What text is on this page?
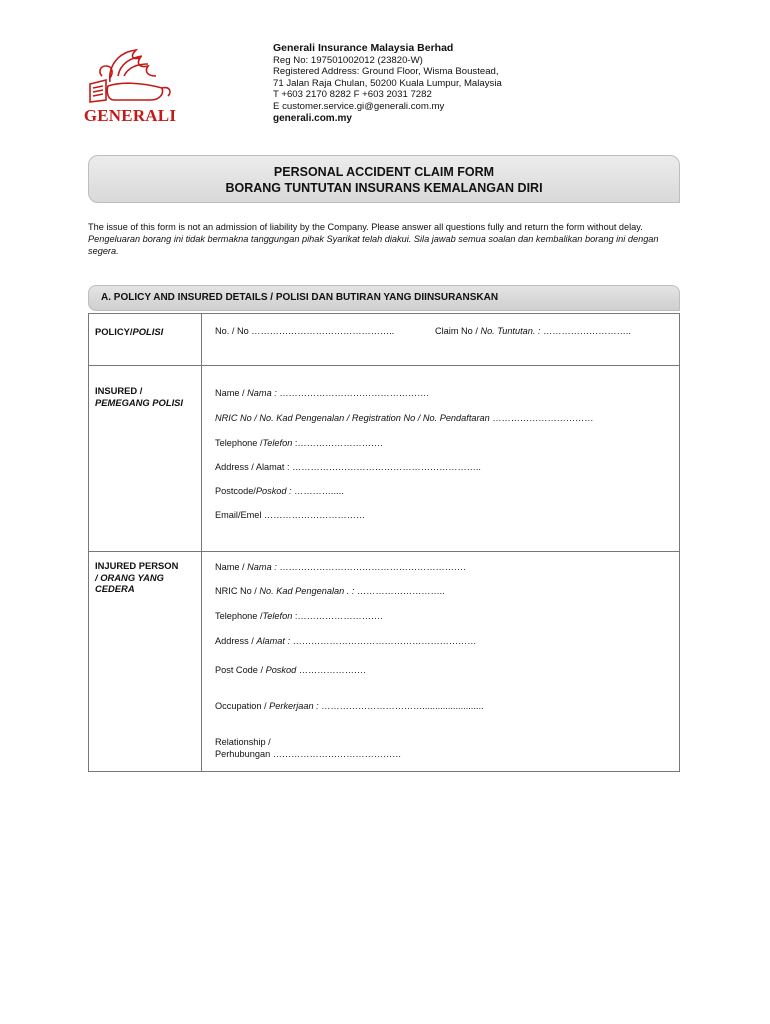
GENERALI
Generali Insurance Malaysia Berhad
Reg No: 197501002012 (23820-W)
Registered Address: Ground Floor, Wisma Boustead,
71 Jalan Raja Chulan, 50200 Kuala Lumpur, Malaysia
T +603 2170 8282 F +603 2031 7282
E customer.service.gi@generali.com.my
generali.com.my
PERSONAL ACCIDENT CLAIM FORM
BORANG TUNTUTAN INSURANS KEMALANGAN DIRI
The issue of this form is not an admission of liability by the Company. Please answer all questions fully and return the form without delay.
Pengeluaran borang ini tidak bermakna tanggungan pihak Syarikat telah diakui. Sila jawab semua soalan dan kembalikan borang ini dengan segera.
A. POLICY AND INSURED DETAILS / POLISI DAN BUTIRAN YANG DIINSURANSKAN
POLICY/POLISI	No. / No ………………………………………..	Claim No / No. Tuntutan. : ………………………..
INSURED /
PEMEGANG POLISI
Name / Nama : ………………………………………….
NRIC No / No. Kad Pengenalan / Registration No / No. Pendaftaran ……………………………
Telephone /Telefon :……………………….
Address / Alamat : ……………………………………………………..
Postcode/Poskod : ………….....
Email/Emel ……………………………
INJURED PERSON
/ ORANG YANG
CEDERA
Name / Nama : …………………………………………………….
NRIC No / No. Kad Pengenalan . : ………………………..
Telephone /Telefon :……………………….
Address / Alamat : ……………………………………………………
Post Code / Poskod ………………….
Occupation / Perkerjaan : ……………………………........................
Relationship /
Perhubungan ……………………………………
